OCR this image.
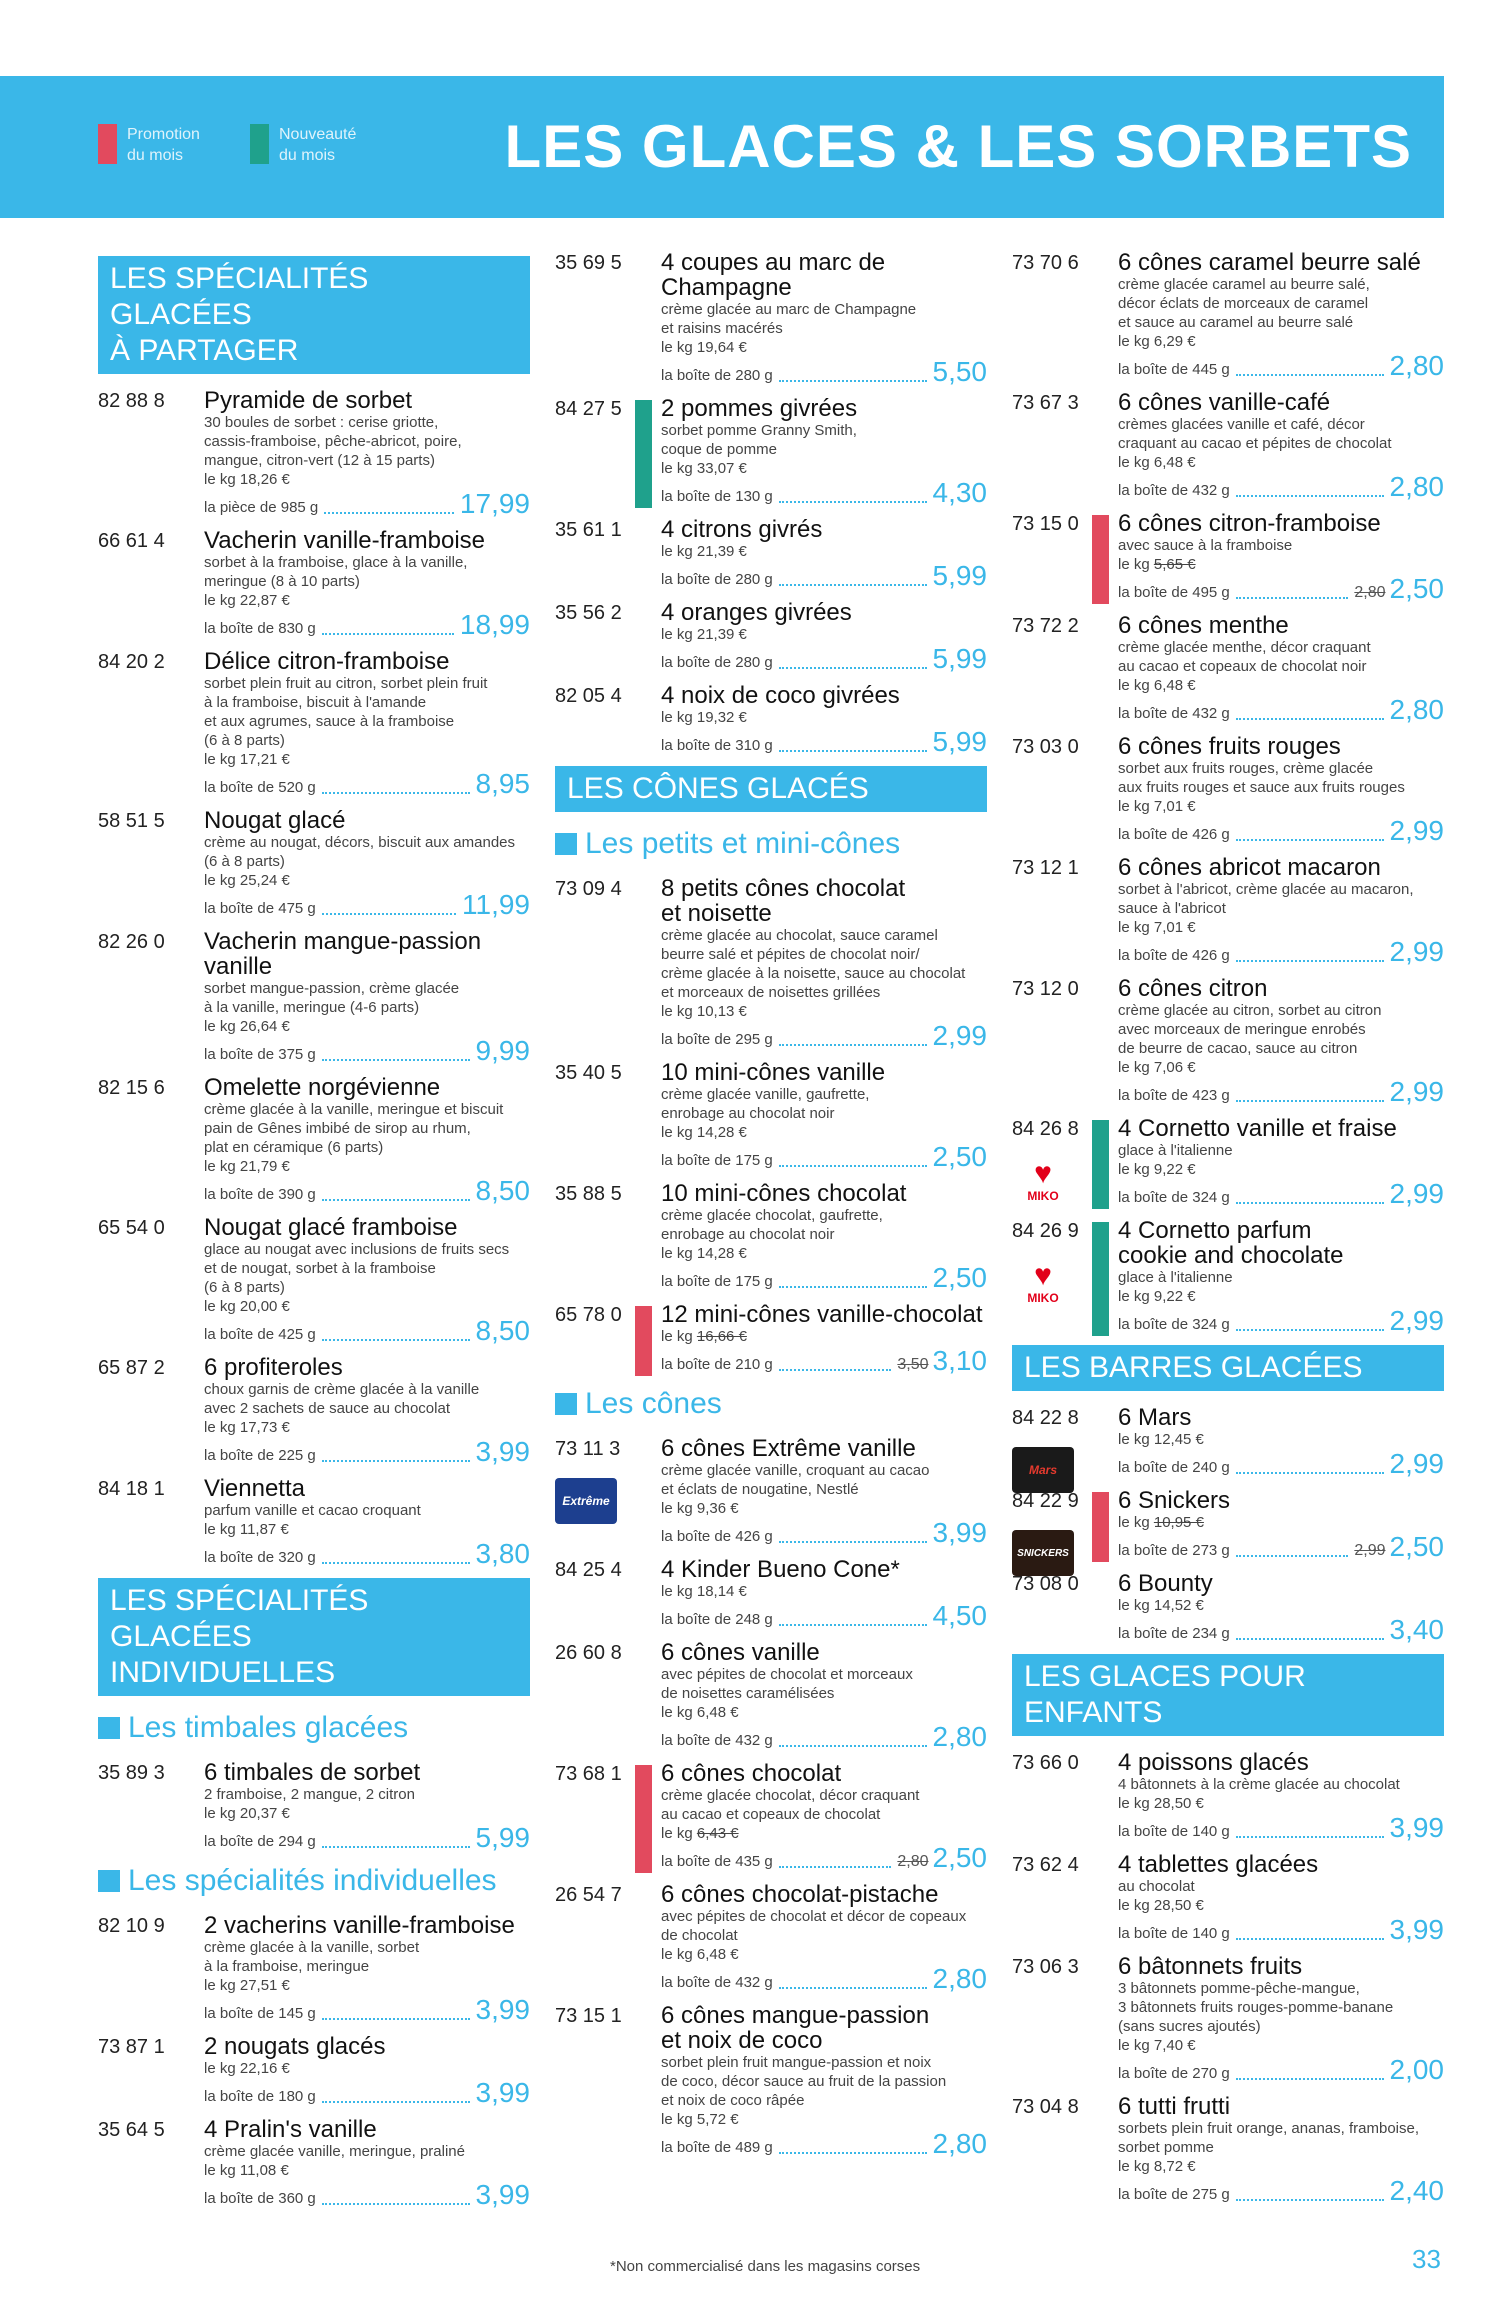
Promotion
du mois
Nouveauté
du mois	LES GLACES & LES SORBETS
LES SPÉCIALITÉS GLACÉES
À PARTAGER
82 88 8 Pyramide de sorbet
30 boules de sorbet : cerise griotte,
cassis-framboise, pêche-abricot, poire,
mangue, citron-vert (12 à 15 parts)
le kg 18,26 €
la pièce de 985 g	17,99
66 61 4 Vacherin vanille-framboise
sorbet à la framboise, glace à la vanille,
meringue (8 à 10 parts)
le kg 22,87 €
la boîte de 830 g	18,99
84 20 2 Délice citron-framboise
sorbet plein fruit au citron, sorbet plein fruit
à la framboise, biscuit à l'amande
et aux agrumes, sauce à la framboise
(6 à 8 parts)
le kg 17,21 €
la boîte de 520 g	8,95
58 51 5 Nougat glacé
crème au nougat, décors, biscuit aux amandes
(6 à 8 parts)
le kg 25,24 €
la boîte de 475 g	11,99
82 26 0 Vacherin mangue-passion
vanille
sorbet mangue-passion, crème glacée
à la vanille, meringue (4-6 parts)
le kg 26,64 €
la boîte de 375 g	9,99
82 15 6 Omelette norgévienne
crème glacée à la vanille, meringue et biscuit
pain de Gênes imbibé de sirop au rhum,
plat en céramique (6 parts)
le kg 21,79 €
la boîte de 390 g	8,50
65 54 0 Nougat glacé framboise
glace au nougat avec inclusions de fruits secs
et de nougat, sorbet à la framboise
(6 à 8 parts)
le kg 20,00 €
la boîte de 425 g	8,50
65 87 2 6 profiteroles
choux garnis de crème glacée à la vanille
avec 2 sachets de sauce au chocolat
le kg 17,73 €
la boîte de 225 g	3,99
84 18 1 Viennetta
parfum vanille et cacao croquant
le kg 11,87 €
la boîte de 320 g	3,80
LES SPÉCIALITÉS GLACÉES
INDIVIDUELLES
Les timbales glacées
35 89 3 6 timbales de sorbet
2 framboise, 2 mangue, 2 citron
le kg 20,37 €
la boîte de 294 g	5,99
Les spécialités individuelles
82 10 9 2 vacherins vanille-framboise
crème glacée à la vanille, sorbet
à la framboise, meringue
le kg 27,51 €
la boîte de 145 g	3,99
73 87 1 2 nougats glacés
le kg 22,16 €
la boîte de 180 g	3,99
35 64 5 4 Pralin's vanille
crème glacée vanille, meringue, praliné
le kg 11,08 €
la boîte de 360 g	3,99
35 69 5 4 coupes au marc de Champagne
crème glacée au marc de Champagne
et raisins macérés
le kg 19,64 €
la boîte de 280 g	5,50
84 27 5 2 pommes givrées
sorbet pomme Granny Smith,
coque de pomme
le kg 33,07 €
la boîte de 130 g	4,30
35 61 1 4 citrons givrés
le kg 21,39 €
la boîte de 280 g	5,99
35 56 2 4 oranges givrées
le kg 21,39 €
la boîte de 280 g	5,99
82 05 4 4 noix de coco givrées
le kg 19,32 €
la boîte de 310 g	5,99
LES CÔNES GLACÉS
Les petits et mini-cônes
73 09 4 8 petits cônes chocolat
et noisette
crème glacée au chocolat, sauce caramel
beurre salé et pépites de chocolat noir/
crème glacée à la noisette, sauce au chocolat
et morceaux de noisettes grillées
le kg 10,13 €
la boîte de 295 g	2,99
35 40 5 10 mini-cônes vanille
crème glacée vanille, gaufrette,
enrobage au chocolat noir
le kg 14,28 €
la boîte de 175 g	2,50
35 88 5 10 mini-cônes chocolat
crème glacée chocolat, gaufrette,
enrobage au chocolat noir
le kg 14,28 €
la boîte de 175 g	2,50
65 78 0 12 mini-cônes vanille-chocolat
le kg 16,66 €
la boîte de 210 g	3,50 3,10
Les cônes
73 11 3
Extrême
6 cônes Extrême vanille
crème glacée vanille, croquant au cacao
et éclats de nougatine, Nestlé
le kg 9,36 €
la boîte de 426 g	3,99
84 25 4 4 Kinder Bueno Cone*
le kg 18,14 €
la boîte de 248 g	4,50
26 60 8 6 cônes vanille
avec pépites de chocolat et morceaux
de noisettes caramélisées
le kg 6,48 €
la boîte de 432 g	2,80
73 68 1 6 cônes chocolat
crème glacée chocolat, décor craquant
au cacao et copeaux de chocolat
le kg 6,43 €
la boîte de 435 g	2,80 2,50
26 54 7 6 cônes chocolat-pistache
avec pépites de chocolat et décor de copeaux
de chocolat
le kg 6,48 €
la boîte de 432 g	2,80
73 15 1 6 cônes mangue-passion
et noix de coco
sorbet plein fruit mangue-passion et noix
de coco, décor sauce au fruit de la passion
et noix de coco râpée
le kg 5,72 €
la boîte de 489 g	2,80
73 70 6 6 cônes caramel beurre salé
crème glacée caramel au beurre salé,
décor éclats de morceaux de caramel
et sauce au caramel au beurre salé
le kg 6,29 €
la boîte de 445 g	2,80
73 67 3 6 cônes vanille-café
crèmes glacées vanille et café, décor
craquant au cacao et pépites de chocolat
le kg 6,48 €
la boîte de 432 g	2,80
73 15 0 6 cônes citron-framboise
avec sauce à la framboise
le kg 5,65 €
la boîte de 495 g	2,80 2,50
73 72 2 6 cônes menthe
crème glacée menthe, décor craquant
au cacao et copeaux de chocolat noir
le kg 6,48 €
la boîte de 432 g	2,80
73 03 0 6 cônes fruits rouges
sorbet aux fruits rouges, crème glacée
aux fruits rouges et sauce aux fruits rouges
le kg 7,01 €
la boîte de 426 g	2,99
73 12 1 6 cônes abricot macaron
sorbet à l'abricot, crème glacée au macaron,
sauce à l'abricot
le kg 7,01 €
la boîte de 426 g	2,99
73 12 0 6 cônes citron
crème glacée au citron, sorbet au citron
avec morceaux de meringue enrobés
de beurre de cacao, sauce au citron
le kg 7,06 €
la boîte de 423 g	2,99
84 26 8
♥
MIKO
4 Cornetto vanille et fraise
glace à l'italienne
le kg 9,22 €
la boîte de 324 g	2,99
84 26 9
♥
MIKO
4 Cornetto parfum
cookie and chocolate
glace à l'italienne
le kg 9,22 €
la boîte de 324 g	2,99
LES BARRES GLACÉES
84 22 8
Mars
6 Mars
le kg 12,45 €
la boîte de 240 g	2,99
84 22 9
SNICKERS
6 Snickers
le kg 10,95 €
la boîte de 273 g	2,99 2,50
73 08 0 6 Bounty
le kg 14,52 €
la boîte de 234 g	3,40
LES GLACES POUR ENFANTS
73 66 0 4 poissons glacés
4 bâtonnets à la crème glacée au chocolat
le kg 28,50 €
la boîte de 140 g	3,99
73 62 4 4 tablettes glacées
au chocolat
le kg 28,50 €
la boîte de 140 g	3,99
73 06 3 6 bâtonnets fruits
3 bâtonnets pomme-pêche-mangue,
3 bâtonnets fruits rouges-pomme-banane
(sans sucres ajoutés)
le kg 7,40 €
la boîte de 270 g	2,00
73 04 8 6 tutti frutti
sorbets plein fruit orange, ananas, framboise,
sorbet pomme
le kg 8,72 €
la boîte de 275 g	2,40
*Non commercialisé dans les magasins corses	33
